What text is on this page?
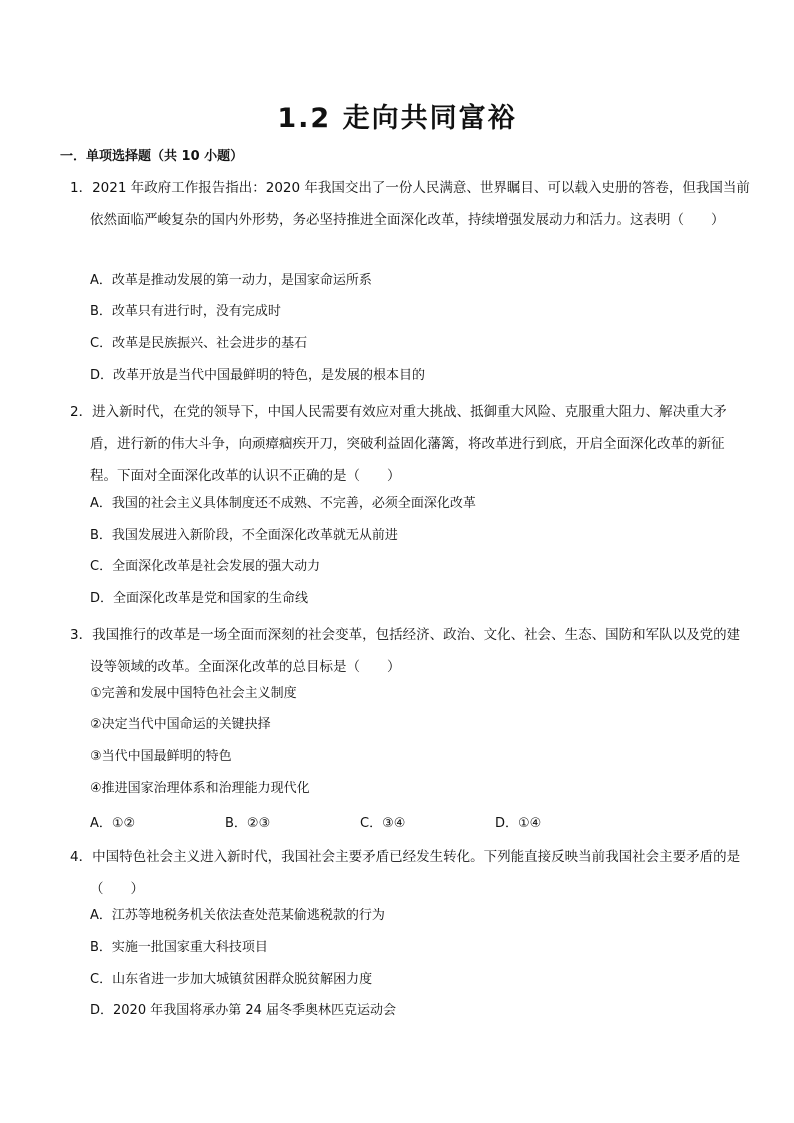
1.2 走向共同富裕
一．单项选择题（共 10 小题）
1．2021 年政府工作报告指出：2020 年我国交出了一份人民满意、世界瞩目、可以载入史册的答卷，但我国当前依然面临严峻复杂的国内外形势，务必坚持推进全面深化改革，持续增强发展动力和活力。这表明（　　）
A．改革是推动发展的第一动力，是国家命运所系
B．改革只有进行时，没有完成时
C．改革是民族振兴、社会进步的基石
D．改革开放是当代中国最鲜明的特色，是发展的根本目的
2．进入新时代，在党的领导下，中国人民需要有效应对重大挑战、抵御重大风险、克服重大阻力、解决重大矛盾，进行新的伟大斗争，向顽瘴痼疾开刀，突破利益固化藩篱，将改革进行到底，开启全面深化改革的新征程。下面对全面深化改革的认识不正确的是（　　）
A．我国的社会主义具体制度还不成熟、不完善，必须全面深化改革
B．我国发展进入新阶段，不全面深化改革就无从前进
C．全面深化改革是社会发展的强大动力
D．全面深化改革是党和国家的生命线
3．我国推行的改革是一场全面而深刻的社会变革，包括经济、政治、文化、社会、生态、国防和军队以及党的建设等领域的改革。全面深化改革的总目标是（　　）
①完善和发展中国特色社会主义制度
②决定当代中国命运的关键抉择
③当代中国最鲜明的特色
④推进国家治理体系和治理能力现代化
A．①②	B．②③	C．③④	D．①④
4．中国特色社会主义进入新时代，我国社会主要矛盾已经发生转化。下列能直接反映当前我国社会主要矛盾的是（　　）
A．江苏等地税务机关依法查处范某偷逃税款的行为
B．实施一批国家重大科技项目
C．山东省进一步加大城镇贫困群众脱贫解困力度
D．2020 年我国将承办第 24 届冬季奥林匹克运动会
